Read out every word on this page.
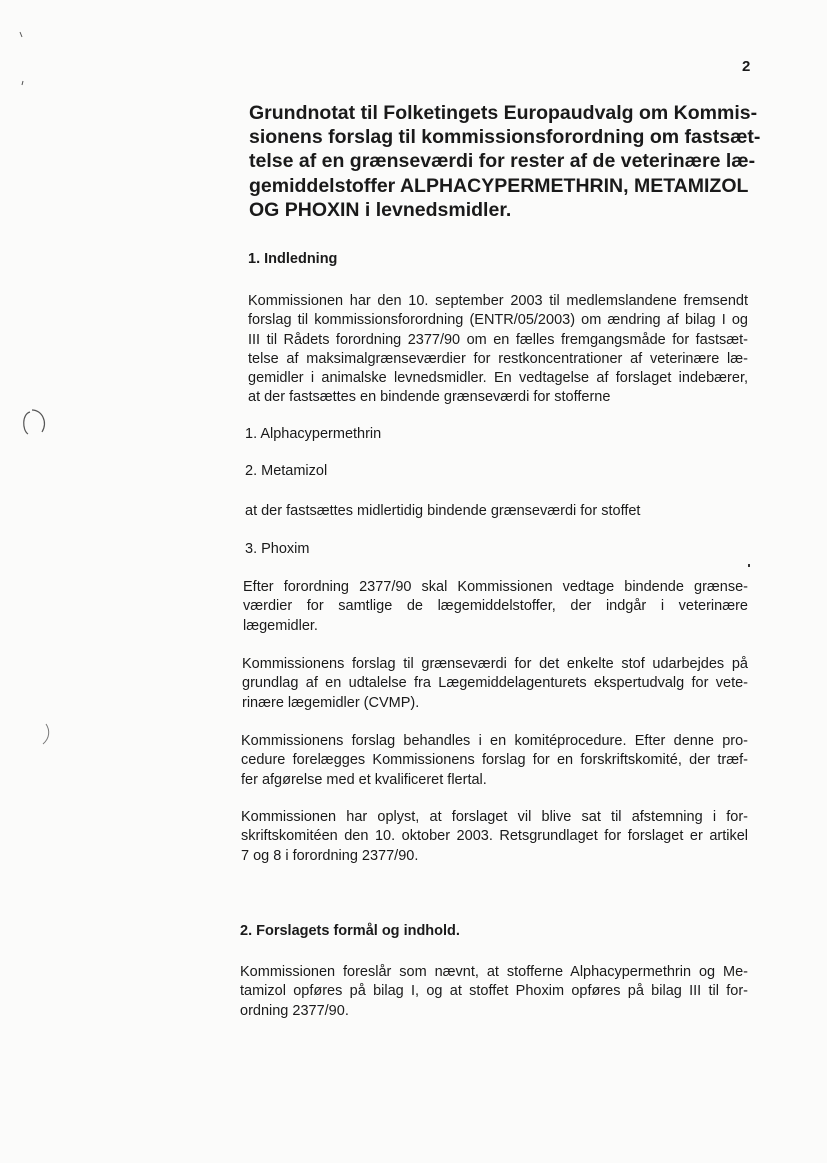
2
Grundnotat til Folketingets Europaudvalg om Kommis-
sionens forslag til kommissionsforordning om fastsæt-
telse af en grænseværdi for rester af de veterinære læ-
gemiddelstoffer ALPHACYPERMETHRIN, METAMIZOL
OG PHOXIN i levnedsmidler.
1. Indledning

Kommissionen har den 10. september 2003 til medlemslandene fremsendt
forslag til kommissionsforordning (ENTR/05/2003) om ændring af bilag I og
III til Rådets forordning 2377/90 om en fælles fremgangsmåde for fastsæt-
telse af maksimalgrænseværdier for restkoncentrationer af veterinære læ-
gemidler i animalske levnedsmidler. En vedtagelse af forslaget indebærer,
at der fastsættes en bindende grænseværdi for stofferne

1. Alphacypermethrin

2. Metamizol

at der fastsættes midlertidig bindende grænseværdi for stoffet

3. Phoxim

Efter forordning 2377/90 skal Kommissionen vedtage bindende grænse-
værdier for samtlige de lægemiddelstoffer, der indgår i veterinære
lægemidler.

Kommissionens forslag til grænseværdi for det enkelte stof udarbejdes på
grundlag af en udtalelse fra Lægemiddelagenturets ekspertudvalg for vete-
rinære lægemidler (CVMP).

Kommissionens forslag behandles i en komitéprocedure. Efter denne pro-
cedure forelægges Kommissionens forslag for en forskriftskomité, der træf-
fer afgørelse med et kvalificeret flertal.

Kommissionen har oplyst, at forslaget vil blive sat til afstemning i for-
skriftskomitéen den 10. oktober 2003. Retsgrundlaget for forslaget er artikel
7 og 8 i forordning 2377/90.

2. Forslagets formål og indhold.

Kommissionen foreslår som nævnt, at stofferne Alphacypermethrin og Me-
tamizol opføres på bilag I, og at stoffet Phoxim opføres på bilag III til for-
ordning 2377/90.
